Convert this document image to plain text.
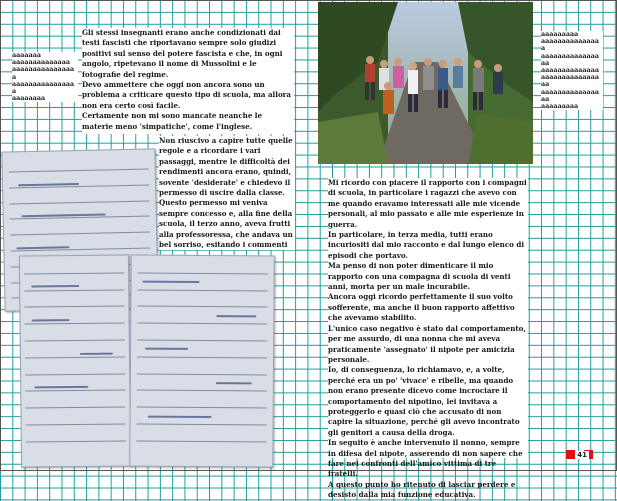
aaaaaaa
aaaaaaaaaaaaaa
aaaaaaaaaaaaaaaa
aaaaaaaaaaaaaaaa
aaaaaaaa
aaaaaaaaa
aaaaaaaaaaaaaaa
aaaaaaaaaaaaaaaa
aaaaaaaaaaaaaa
aaaaaaaaaaaaaaaa
aaaaaaaaaaaaaaaa
aaaaaaaaa

Gli stessi insegnanti erano anche condizionati dai testi fascisti che riportavano sempre solo giudizi positivi sul senso del potere fascista e che, in ogni angolo, ripetevano il nome di Mussolini e le fotografie del regime.

Devo ammettere che oggi non ancora sono un problema a criticare questo tipo di scuola, ma allora non era certo così facile.

Certamente non mi sono mancate neanche le materie meno 'simpatiche', come l'inglese.

Non riuscivo a capire tutte quelle regole e a ricordare i vari passaggi, mentre le difficoltà dei rendimenti ancora erano, quindi, sovente 'desiderate' e chiedevo il permesso di uscire dalla classe. Questo permesso mi veniva sempre concesso e, alla fine della scuola, il terzo anno, aveva frutti alla professoressa, che andava un bel sorriso, esitando i commenti

Mi ricordo con piacere il rapporto con i compagni di scuola, in particolare i ragazzi che avevo con me quando eravamo interessati alle mie vicende personali, al mio passato e alle mie esperienze in guerra.

In particolare, in terza media, tutti erano incuriositi dal mio racconto e dal lungo elenco di episodi che portavo.

Ma penso di non poter dimenticare il mio rapporto con una compagna di scuola di venti anni, morta per un male incurabile.

Ancora oggi ricordo perfettamente il suo volto sofferente, ma anche il buon rapporto affettivo che avevamo stabilito.

L'unico caso negativo è stato dal comportamento, per me assurdo, di una nonna che mi aveva praticamente 'assegnato' il nipote per amicizia personale.

Io, di conseguenza, lo richiamavo, e, a volte, perché era un po' 'vivace' e ribelle, ma quando non erano presente dicevo come incrociare il comportamento del nipotino, lei invitava a proteggerlo e quasi ciò che accusato di non capire la situazione, perché gli avevo incontrato gli genitori a causa della droga.

In seguito è anche intervenuto il nonno, sempre in difesa del nipote, asserendo di non sapere che fare nei confronti dell'amico vittima di tre fratelli.

A questo punto ho ritenuto di lasciar perdere e desisto dalla mia funzione educativa.

41
